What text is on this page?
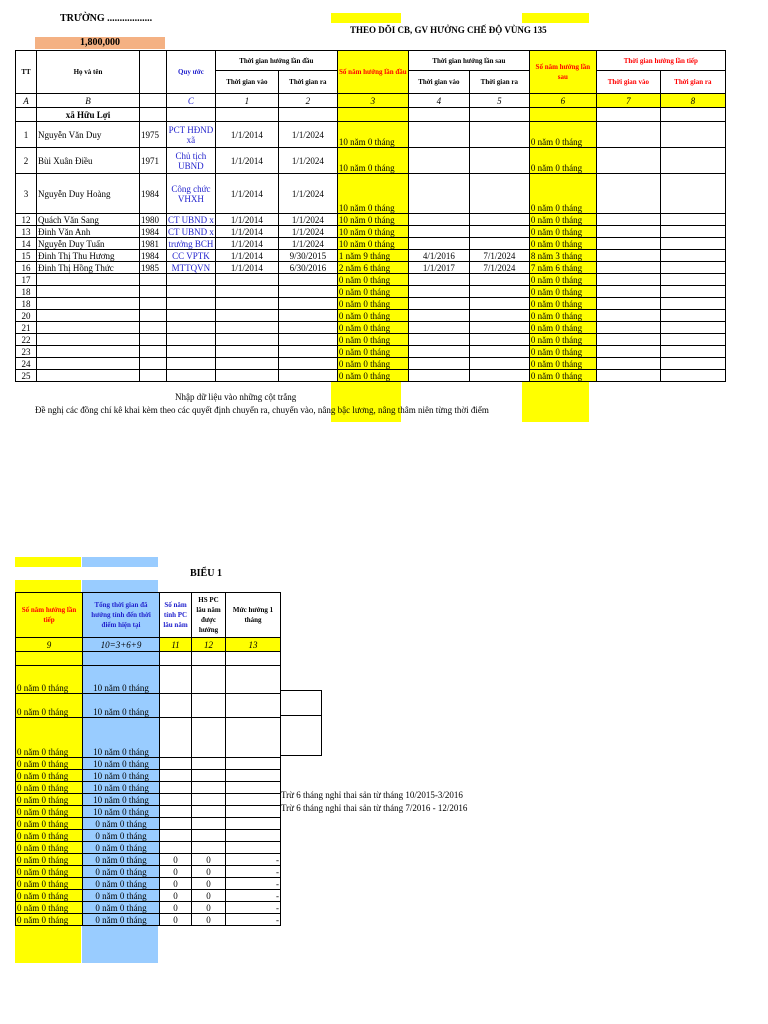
TRƯỜNG ..................
1,800,000
THEO DÕI CB, GV HƯỞNG CHẾ ĐỘ VÙNG 135
TT	Họ và tên		Quy ước	Thời gian hưởng lần đầu		Số năm hưởng lần đầu	Thời gian hưởng lần sau		Số năm hưởng lần sau	Thời gian hưởng lần tiếp	
				Thời gian vào	Thời gian ra		Thời gian vào	Thời gian ra		Thời gian vào	Thời gian ra
A	B		C	1	2	3	4	5	6	7	8
	xã Hữu Lợi										
1	Nguyễn Văn Duy	1975	PCT HĐND xã	1/1/2014	1/1/2024	10 năm 0 tháng			0 năm 0 tháng		
2	Bùi Xuân Điều	1971	Chủ tịch UBND	1/1/2014	1/1/2024	10 năm 0 tháng			0 năm 0 tháng		
3	Nguyễn Duy Hoàng	1984	Công chức VHXH	1/1/2014	1/1/2024	10 năm 0 tháng			0 năm 0 tháng		
12	Quách Văn Sang	1980	CT UBND x	1/1/2014	1/1/2024	10 năm 0 tháng			0 năm 0 tháng		
13	Đinh Văn Anh	1984	CT UBND x	1/1/2014	1/1/2024	10 năm 0 tháng			0 năm 0 tháng		
14	Nguyễn Duy Tuấn	1981	trưởng BCH	1/1/2014	1/1/2024	10 năm 0 tháng			0 năm 0 tháng		
15	Đinh Thị Thu Hương	1984	CC VPTK	1/1/2014	9/30/2015	1 năm 9 tháng	4/1/2016	7/1/2024	8 năm 3 tháng		
16	Đinh Thị Hồng Thức	1985	MTTQVN	1/1/2014	6/30/2016	2 năm 6 tháng	1/1/2017	7/1/2024	7 năm 6 tháng		
17						0 năm 0 tháng			0 năm 0 tháng		
18						0 năm 0 tháng			0 năm 0 tháng		
18						0 năm 0 tháng			0 năm 0 tháng		
20						0 năm 0 tháng			0 năm 0 tháng		
21						0 năm 0 tháng			0 năm 0 tháng		
22						0 năm 0 tháng			0 năm 0 tháng		
23						0 năm 0 tháng			0 năm 0 tháng		
24						0 năm 0 tháng			0 năm 0 tháng		
25						0 năm 0 tháng			0 năm 0 tháng		
Nhập dữ liệu vào những cột trắng
Đề nghị các đồng chí kê khai kèm theo các quyết định chuyển ra, chuyển vào, nâng bậc lương, nâng thâm niên từng thời điểm
BIỂU 1
Số năm hưởng lần tiếp	Tổng thời gian đã hưởng tính đến thời điểm hiện tại	Số năm tính PC lâu năm	HS PC lâu năm được hưởng	Mức hưởng 1 tháng
9	10=3+6+9	11	12	13

0 năm 0 tháng	10 năm 0 tháng			
0 năm 0 tháng	10 năm 0 tháng			
0 năm 0 tháng	10 năm 0 tháng			
0 năm 0 tháng	10 năm 0 tháng			
0 năm 0 tháng	10 năm 0 tháng			
0 năm 0 tháng	10 năm 0 tháng			
0 năm 0 tháng	10 năm 0 tháng			
0 năm 0 tháng	10 năm 0 tháng			
0 năm 0 tháng	0 năm 0 tháng			
0 năm 0 tháng	0 năm 0 tháng			
0 năm 0 tháng	0 năm 0 tháng			
0 năm 0 tháng	0 năm 0 tháng	0	0	-
0 năm 0 tháng	0 năm 0 tháng	0	0	-
0 năm 0 tháng	0 năm 0 tháng	0	0	-
0 năm 0 tháng	0 năm 0 tháng	0	0	-
0 năm 0 tháng	0 năm 0 tháng	0	0	-
0 năm 0 tháng	0 năm 0 tháng	0	0	-
Trừ 6 tháng nghỉ thai sản từ tháng 10/2015-3/2016
Trừ 6 tháng nghỉ thai sản từ tháng 7/2016 - 12/2016
